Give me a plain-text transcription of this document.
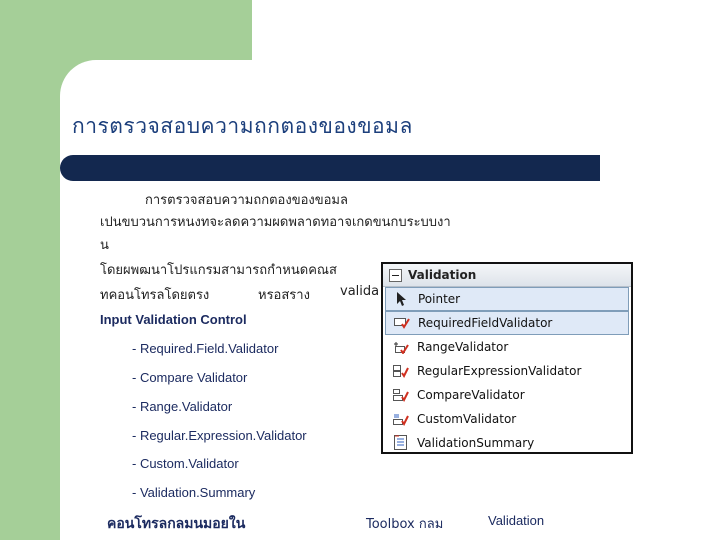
การตรวจสอบความถกตองของขอมล
การตรวจสอบความถกตองของขอมล
เปนขบวนการหนงทจะลดความผดพลาดทอาจเกดขนกบระบบงา
น
โดยผพฒนาโปรแกรมสามารถกำหนดคณส
ทคอนโทรลโดยตรง	หรอสราง valida
Input Validation Control
- Required.Field.Validator
- Compare Validator
- Range.Validator
- Regular.Expression.Validator
- Custom.Validator
- Validation.Summary
คอนโทรลกลมนมอยใน	Toolbox กลม	Validation
Validation
Pointer
RequiredFieldValidator
RangeValidator
RegularExpressionValidator
CompareValidator
CustomValidator
ValidationSummary
